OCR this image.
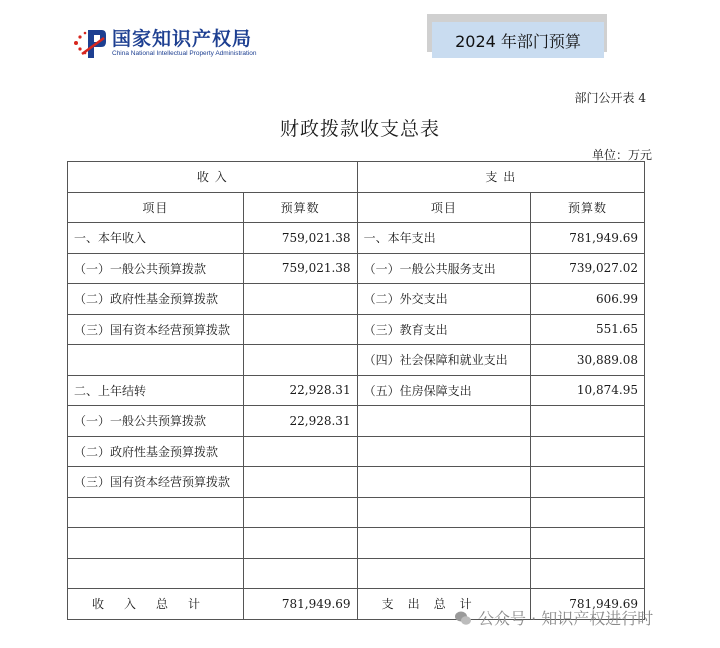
国家知识产权局
China National Intellectual Property Administration
2024 年部门预算
部门公开表 4
财政拨款收支总表
单位：万元
收 入		支 出	
项目	预算数	项目	预算数
一、本年收入	759,021.38	一、本年支出	781,949.69
（一）一般公共预算拨款	759,021.38	（一）一般公共服务支出	739,027.02
（二）政府性基金预算拨款		（二）外交支出	606.99
（三）国有资本经营预算拨款		（三）教育支出	551.65
		（四）社会保障和就业支出	30,889.08
二、上年结转	22,928.31	（五）住房保障支出	10,874.95
（一）一般公共预算拨款	22,928.31		
（二）政府性基金预算拨款			
（三）国有资本经营预算拨款			

收入总计	781,949.69	支出总计	781,949.69
公众号 · 知识产权进行时
